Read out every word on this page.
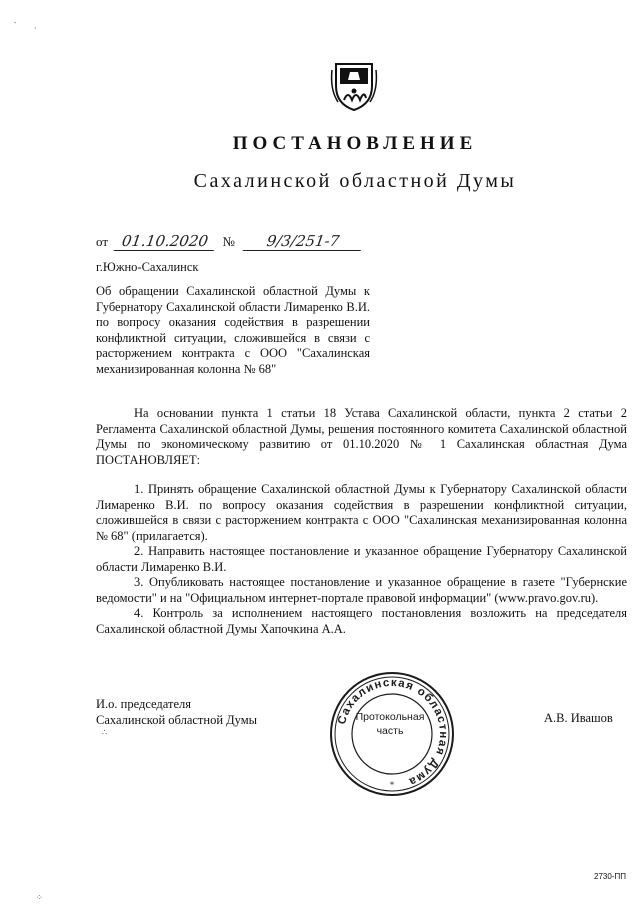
ПОСТАНОВЛЕНИЕ
Сахалинской областной Думы
от 01.10.2020 № 9/3/251-7
г.Южно-Сахалинск
Об обращении Сахалинской областной Думы к Губернатору Сахалинской области Лимаренко В.И. по вопросу оказания содействия в разрешении конфликтной ситуации, сложившейся в связи с расторжением контракта с ООО "Сахалинская механизированная колонна № 68"

На основании пункта 1 статьи 18 Устава Сахалинской области, пункта 2 статьи 2 Регламента Сахалинской областной Думы, решения постоянного комитета Сахалинской областной Думы по экономическому развитию от 01.10.2020 № 1 Сахалинская областная Дума ПОСТАНОВЛЯЕТ:

1. Принять обращение Сахалинской областной Думы к Губернатору Сахалинской области Лимаренко В.И. по вопросу оказания содействия в разрешении конфликтной ситуации, сложившейся в связи с расторжением контракта с ООО "Сахалинская механизированная колонна № 68" (прилагается).

2. Направить настоящее постановление и указанное обращение Губернатору Сахалинской области Лимаренко В.И.

3. Опубликовать настоящее постановление и указанное обращение в газете "Губернские ведомости" и на "Официальном интернет-портале правовой информации" (www.pravo.gov.ru).

4. Контроль за исполнением настоящего постановления возложить на председателя Сахалинской областной Думы Хапочкина А.А.

И.о. председателя
Сахалинской областной Думы	Сахалинская областная Дума
*
Протокольная
часть
А.В. Ивашов
2730-ПП
⸳
·
∴
⁘
